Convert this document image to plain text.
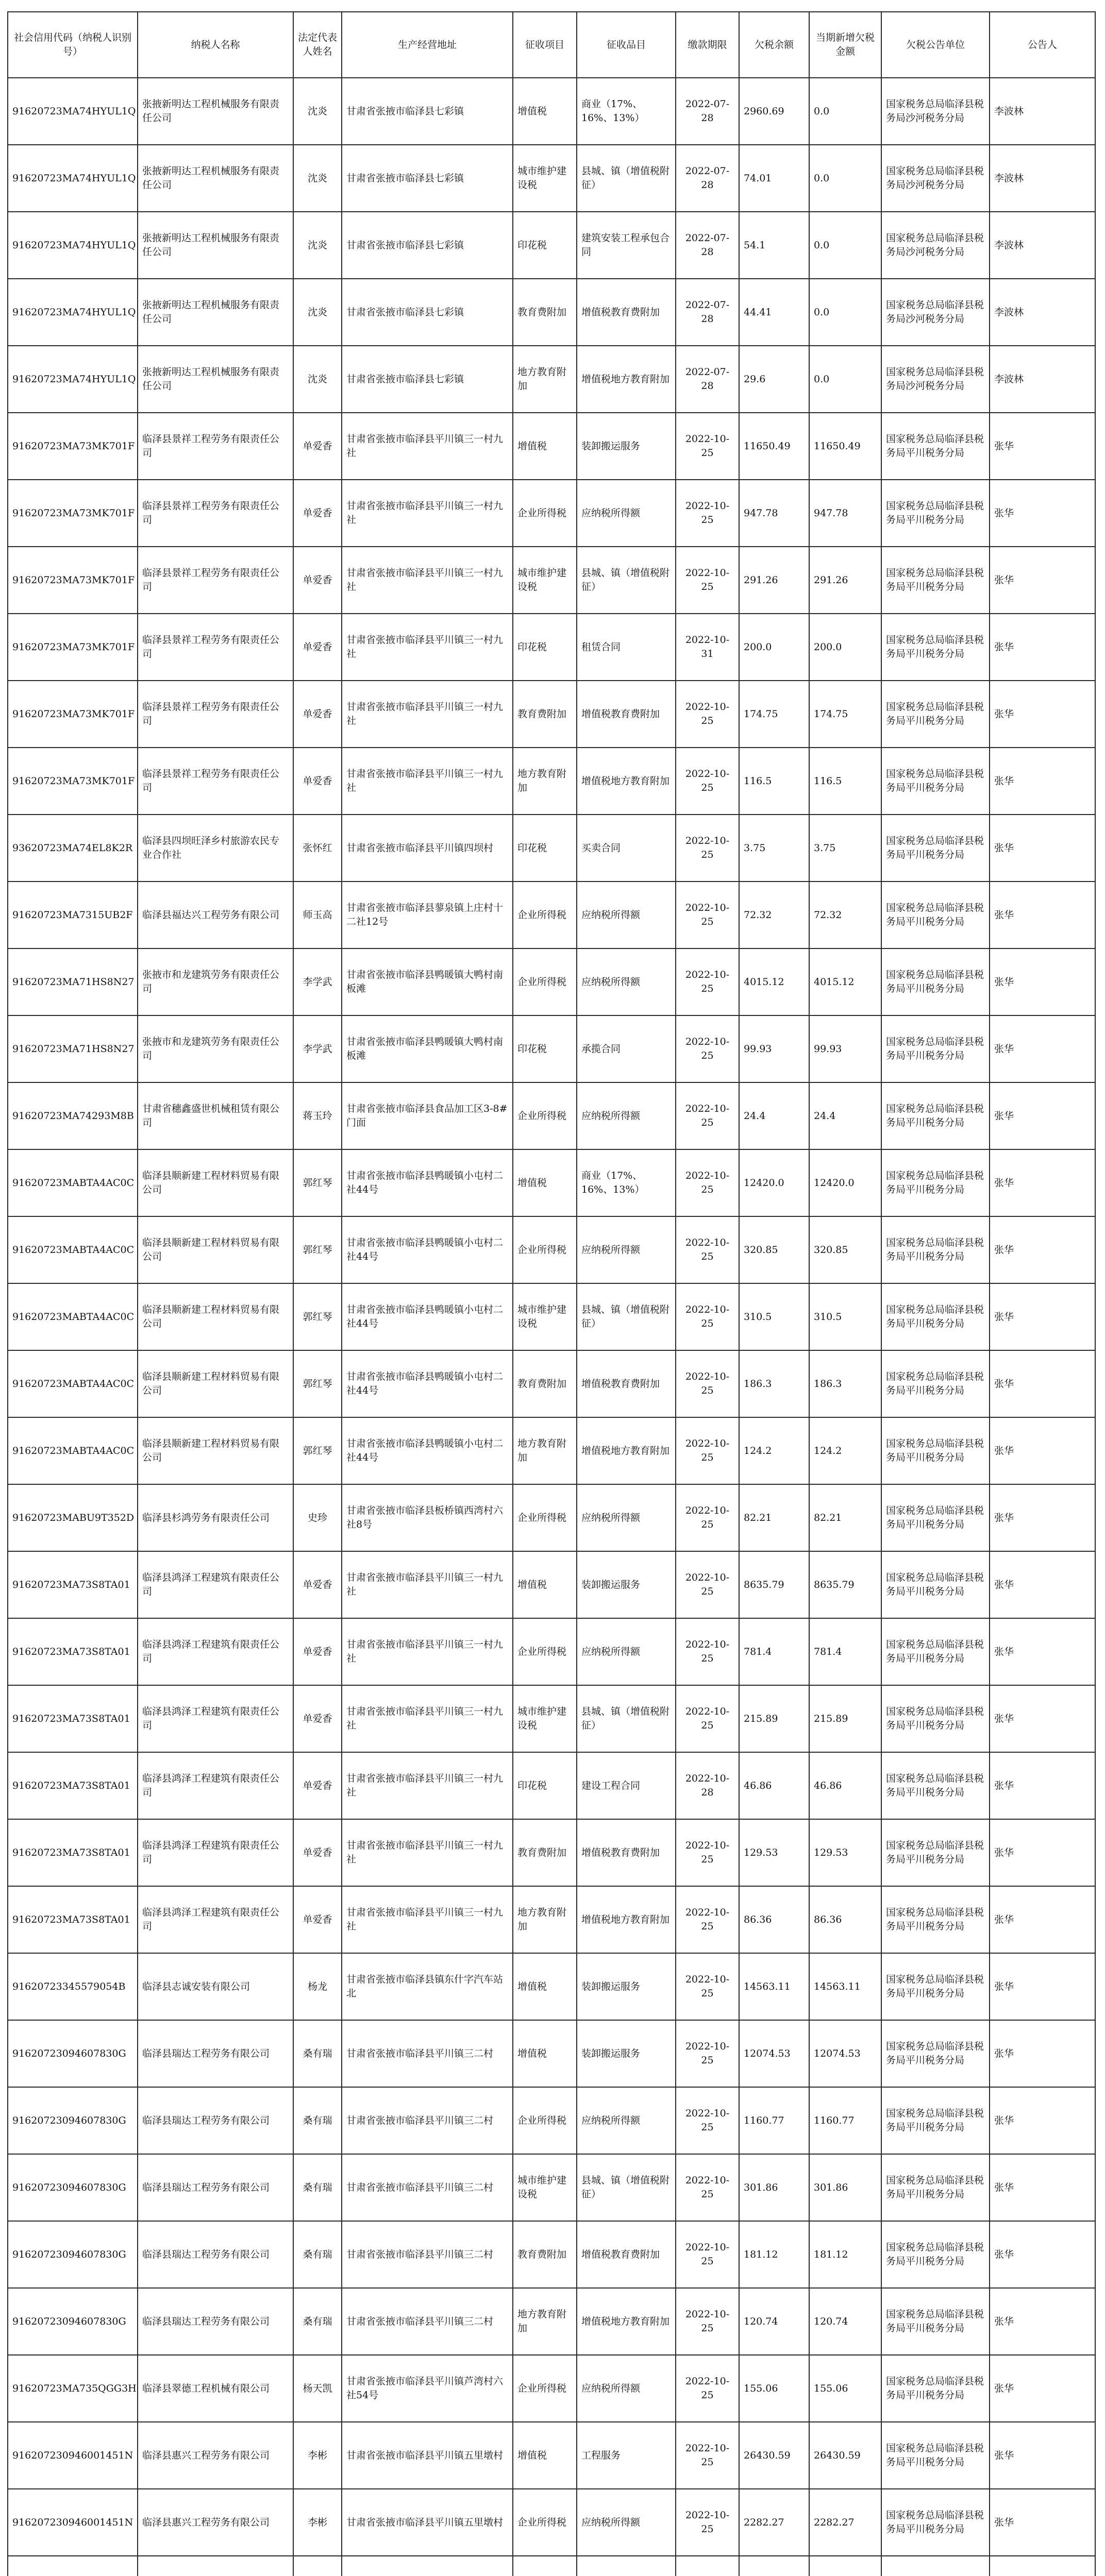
社会信用代码（纳税人识别号）	纳税人名称	法定代表人姓名	生产经营地址	征收项目	征收品目	缴款期限	欠税余额	当期新增欠税金额	欠税公告单位	公告人
91620723MA74HYUL1Q	张掖新明达工程机械服务有限责任公司	沈炎	甘肃省张掖市临泽县七彩镇	增值税	商业（17%、16%、13%）	2022-07-28	2960.69	0.0	国家税务总局临泽县税务局沙河税务分局	李波林
91620723MA74HYUL1Q	张掖新明达工程机械服务有限责任公司	沈炎	甘肃省张掖市临泽县七彩镇	城市维护建设税	县城、镇（增值税附征）	2022-07-28	74.01	0.0	国家税务总局临泽县税务局沙河税务分局	李波林
91620723MA74HYUL1Q	张掖新明达工程机械服务有限责任公司	沈炎	甘肃省张掖市临泽县七彩镇	印花税	建筑安装工程承包合同	2022-07-28	54.1	0.0	国家税务总局临泽县税务局沙河税务分局	李波林
91620723MA74HYUL1Q	张掖新明达工程机械服务有限责任公司	沈炎	甘肃省张掖市临泽县七彩镇	教育费附加	增值税教育费附加	2022-07-28	44.41	0.0	国家税务总局临泽县税务局沙河税务分局	李波林
91620723MA74HYUL1Q	张掖新明达工程机械服务有限责任公司	沈炎	甘肃省张掖市临泽县七彩镇	地方教育附加	增值税地方教育附加	2022-07-28	29.6	0.0	国家税务总局临泽县税务局沙河税务分局	李波林
91620723MA73MK701F	临泽县景祥工程劳务有限责任公司	单爱香	甘肃省张掖市临泽县平川镇三一村九社	增值税	装卸搬运服务	2022-10-25	11650.49	11650.49	国家税务总局临泽县税务局平川税务分局	张华
91620723MA73MK701F	临泽县景祥工程劳务有限责任公司	单爱香	甘肃省张掖市临泽县平川镇三一村九社	企业所得税	应纳税所得额	2022-10-25	947.78	947.78	国家税务总局临泽县税务局平川税务分局	张华
91620723MA73MK701F	临泽县景祥工程劳务有限责任公司	单爱香	甘肃省张掖市临泽县平川镇三一村九社	城市维护建设税	县城、镇（增值税附征）	2022-10-25	291.26	291.26	国家税务总局临泽县税务局平川税务分局	张华
91620723MA73MK701F	临泽县景祥工程劳务有限责任公司	单爱香	甘肃省张掖市临泽县平川镇三一村九社	印花税	租赁合同	2022-10-31	200.0	200.0	国家税务总局临泽县税务局平川税务分局	张华
91620723MA73MK701F	临泽县景祥工程劳务有限责任公司	单爱香	甘肃省张掖市临泽县平川镇三一村九社	教育费附加	增值税教育费附加	2022-10-25	174.75	174.75	国家税务总局临泽县税务局平川税务分局	张华
91620723MA73MK701F	临泽县景祥工程劳务有限责任公司	单爱香	甘肃省张掖市临泽县平川镇三一村九社	地方教育附加	增值税地方教育附加	2022-10-25	116.5	116.5	国家税务总局临泽县税务局平川税务分局	张华
93620723MA74EL8K2R	临泽县四坝旺泽乡村旅游农民专业合作社	张怀红	甘肃省张掖市临泽县平川镇四坝村	印花税	买卖合同	2022-10-25	3.75	3.75	国家税务总局临泽县税务局平川税务分局	张华
91620723MA7315UB2F	临泽县福达兴工程劳务有限公司	师玉高	甘肃省张掖市临泽县蓼泉镇上庄村十二社12号	企业所得税	应纳税所得额	2022-10-25	72.32	72.32	国家税务总局临泽县税务局平川税务分局	张华
91620723MA71HS8N27	张掖市和龙建筑劳务有限责任公司	李学武	甘肃省张掖市临泽县鸭暖镇大鸭村南板滩	企业所得税	应纳税所得额	2022-10-25	4015.12	4015.12	国家税务总局临泽县税务局平川税务分局	张华
91620723MA71HS8N27	张掖市和龙建筑劳务有限责任公司	李学武	甘肃省张掖市临泽县鸭暖镇大鸭村南板滩	印花税	承揽合同	2022-10-25	99.93	99.93	国家税务总局临泽县税务局平川税务分局	张华
91620723MA74293M8B	甘肃省穗鑫盛世机械租赁有限公司	蒋玉玲	甘肃省张掖市临泽县食品加工区3-8#门面	企业所得税	应纳税所得额	2022-10-25	24.4	24.4	国家税务总局临泽县税务局平川税务分局	张华
91620723MABTA4AC0C	临泽县顺新建工程材料贸易有限公司	郭红琴	甘肃省张掖市临泽县鸭暖镇小屯村二社44号	增值税	商业（17%、16%、13%）	2022-10-25	12420.0	12420.0	国家税务总局临泽县税务局平川税务分局	张华
91620723MABTA4AC0C	临泽县顺新建工程材料贸易有限公司	郭红琴	甘肃省张掖市临泽县鸭暖镇小屯村二社44号	企业所得税	应纳税所得额	2022-10-25	320.85	320.85	国家税务总局临泽县税务局平川税务分局	张华
91620723MABTA4AC0C	临泽县顺新建工程材料贸易有限公司	郭红琴	甘肃省张掖市临泽县鸭暖镇小屯村二社44号	城市维护建设税	县城、镇（增值税附征）	2022-10-25	310.5	310.5	国家税务总局临泽县税务局平川税务分局	张华
91620723MABTA4AC0C	临泽县顺新建工程材料贸易有限公司	郭红琴	甘肃省张掖市临泽县鸭暖镇小屯村二社44号	教育费附加	增值税教育费附加	2022-10-25	186.3	186.3	国家税务总局临泽县税务局平川税务分局	张华
91620723MABTA4AC0C	临泽县顺新建工程材料贸易有限公司	郭红琴	甘肃省张掖市临泽县鸭暖镇小屯村二社44号	地方教育附加	增值税地方教育附加	2022-10-25	124.2	124.2	国家税务总局临泽县税务局平川税务分局	张华
91620723MABU9T352D	临泽县杉鸿劳务有限责任公司	史珍	甘肃省张掖市临泽县板桥镇西湾村六社8号	企业所得税	应纳税所得额	2022-10-25	82.21	82.21	国家税务总局临泽县税务局平川税务分局	张华
91620723MA73S8TA01	临泽县鸿泽工程建筑有限责任公司	单爱香	甘肃省张掖市临泽县平川镇三一村九社	增值税	装卸搬运服务	2022-10-25	8635.79	8635.79	国家税务总局临泽县税务局平川税务分局	张华
91620723MA73S8TA01	临泽县鸿泽工程建筑有限责任公司	单爱香	甘肃省张掖市临泽县平川镇三一村九社	企业所得税	应纳税所得额	2022-10-25	781.4	781.4	国家税务总局临泽县税务局平川税务分局	张华
91620723MA73S8TA01	临泽县鸿泽工程建筑有限责任公司	单爱香	甘肃省张掖市临泽县平川镇三一村九社	城市维护建设税	县城、镇（增值税附征）	2022-10-25	215.89	215.89	国家税务总局临泽县税务局平川税务分局	张华
91620723MA73S8TA01	临泽县鸿泽工程建筑有限责任公司	单爱香	甘肃省张掖市临泽县平川镇三一村九社	印花税	建设工程合同	2022-10-28	46.86	46.86	国家税务总局临泽县税务局平川税务分局	张华
91620723MA73S8TA01	临泽县鸿泽工程建筑有限责任公司	单爱香	甘肃省张掖市临泽县平川镇三一村九社	教育费附加	增值税教育费附加	2022-10-25	129.53	129.53	国家税务总局临泽县税务局平川税务分局	张华
91620723MA73S8TA01	临泽县鸿泽工程建筑有限责任公司	单爱香	甘肃省张掖市临泽县平川镇三一村九社	地方教育附加	增值税地方教育附加	2022-10-25	86.36	86.36	国家税务总局临泽县税务局平川税务分局	张华
91620723345579054B	临泽县志诚安装有限公司	杨龙	甘肃省张掖市临泽县镇东什字汽车站北	增值税	装卸搬运服务	2022-10-25	14563.11	14563.11	国家税务总局临泽县税务局平川税务分局	张华
91620723094607830G	临泽县瑞达工程劳务有限公司	桑有瑞	甘肃省张掖市临泽县平川镇三二村	增值税	装卸搬运服务	2022-10-25	12074.53	12074.53	国家税务总局临泽县税务局平川税务分局	张华
91620723094607830G	临泽县瑞达工程劳务有限公司	桑有瑞	甘肃省张掖市临泽县平川镇三二村	企业所得税	应纳税所得额	2022-10-25	1160.77	1160.77	国家税务总局临泽县税务局平川税务分局	张华
91620723094607830G	临泽县瑞达工程劳务有限公司	桑有瑞	甘肃省张掖市临泽县平川镇三二村	城市维护建设税	县城、镇（增值税附征）	2022-10-25	301.86	301.86	国家税务总局临泽县税务局平川税务分局	张华
91620723094607830G	临泽县瑞达工程劳务有限公司	桑有瑞	甘肃省张掖市临泽县平川镇三二村	教育费附加	增值税教育费附加	2022-10-25	181.12	181.12	国家税务总局临泽县税务局平川税务分局	张华
91620723094607830G	临泽县瑞达工程劳务有限公司	桑有瑞	甘肃省张掖市临泽县平川镇三二村	地方教育附加	增值税地方教育附加	2022-10-25	120.74	120.74	国家税务总局临泽县税务局平川税务分局	张华
91620723MA735QGG3H	临泽县翠德工程机械有限公司	杨天凯	甘肃省张掖市临泽县平川镇芦湾村六社54号	企业所得税	应纳税所得额	2022-10-25	155.06	155.06	国家税务总局临泽县税务局平川税务分局	张华
916207230946001451N	临泽县惠兴工程劳务有限公司	李彬	甘肃省张掖市临泽县平川镇五里墩村	增值税	工程服务	2022-10-25	26430.59	26430.59	国家税务总局临泽县税务局平川税务分局	张华
916207230946001451N	临泽县惠兴工程劳务有限公司	李彬	甘肃省张掖市临泽县平川镇五里墩村	企业所得税	应纳税所得额	2022-10-25	2282.27	2282.27	国家税务总局临泽县税务局平川税务分局	张华
